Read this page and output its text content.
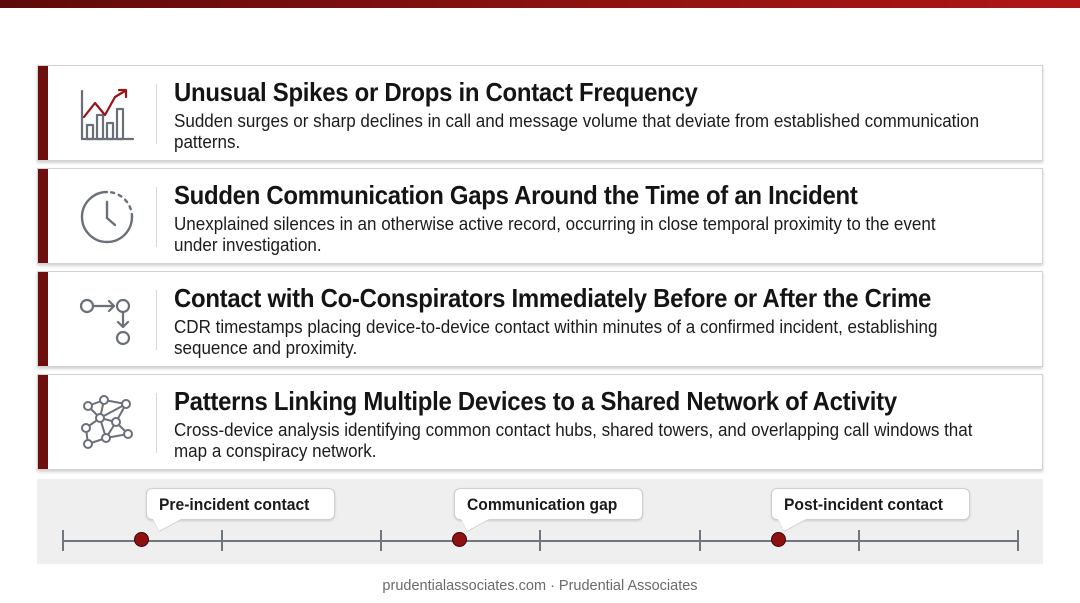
Unusual Spikes or Drops in Contact Frequency
Sudden surges or sharp declines in call and message volume that deviate from established communication patterns.
Sudden Communication Gaps Around the Time of an Incident
Unexplained silences in an otherwise active record, occurring in close temporal proximity to the event under investigation.
Contact with Co-Conspirators Immediately Before or After the Crime
CDR timestamps placing device-to-device contact within minutes of a confirmed incident, establishing sequence and proximity.
Patterns Linking Multiple Devices to a Shared Network of Activity
Cross-device analysis identifying common contact hubs, shared towers, and overlapping call windows that map a conspiracy network.
Pre-incident contact	Communication gap	Post-incident contact
prudentialassociates.com · Prudential Associates
